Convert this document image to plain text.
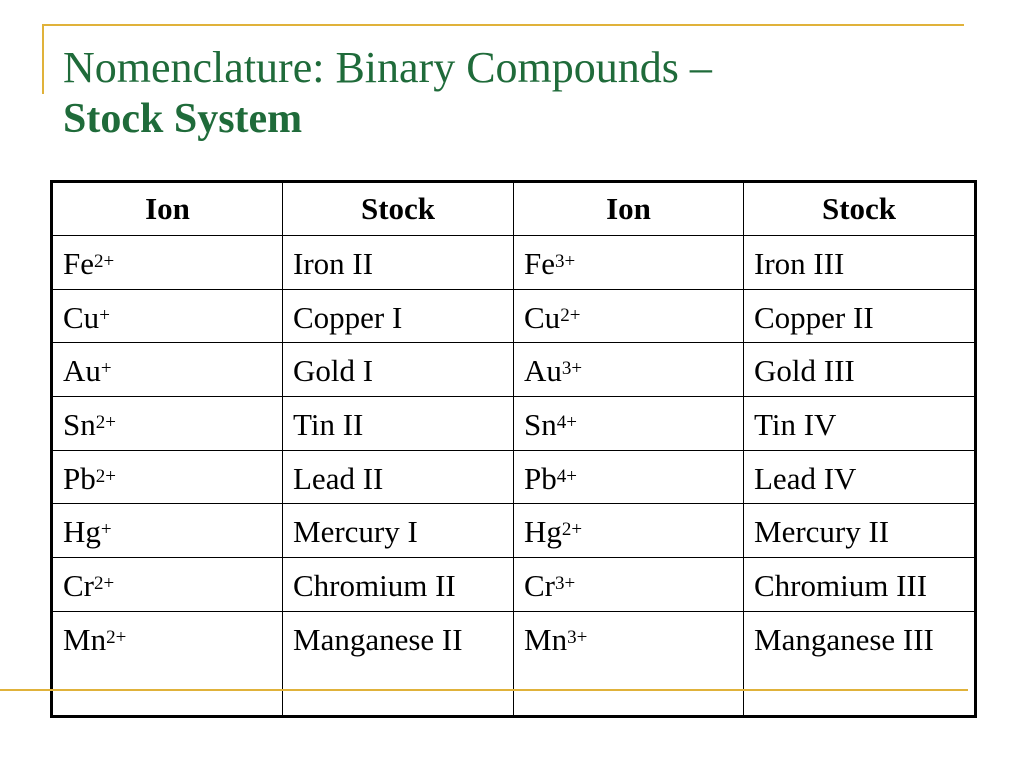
Nomenclature: Binary Compounds –
Stock System
Ion	Stock	Ion	Stock
$Fe^{2+}$	Iron II	$Fe^{3+}$	Iron III
Cu+	Copper I	$Cu^{2+}$	Copper II
Au+	Gold I	$Au^{3+}$	Gold III
$Sn^{2+}$	Tin II	$Sn^{4+}$	Tin IV
$Pb^{2+}$	Lead II	$Pb^{4+}$	Lead IV
Hg+	Mercury I	$Hg^{2+}$	Mercury II
$Cr^{2+}$	Chromium II	$Cr^{3+}$	Chromium III
$Mn^{2+}$	Manganese II	$Mn^{3+}$	Manganese III
